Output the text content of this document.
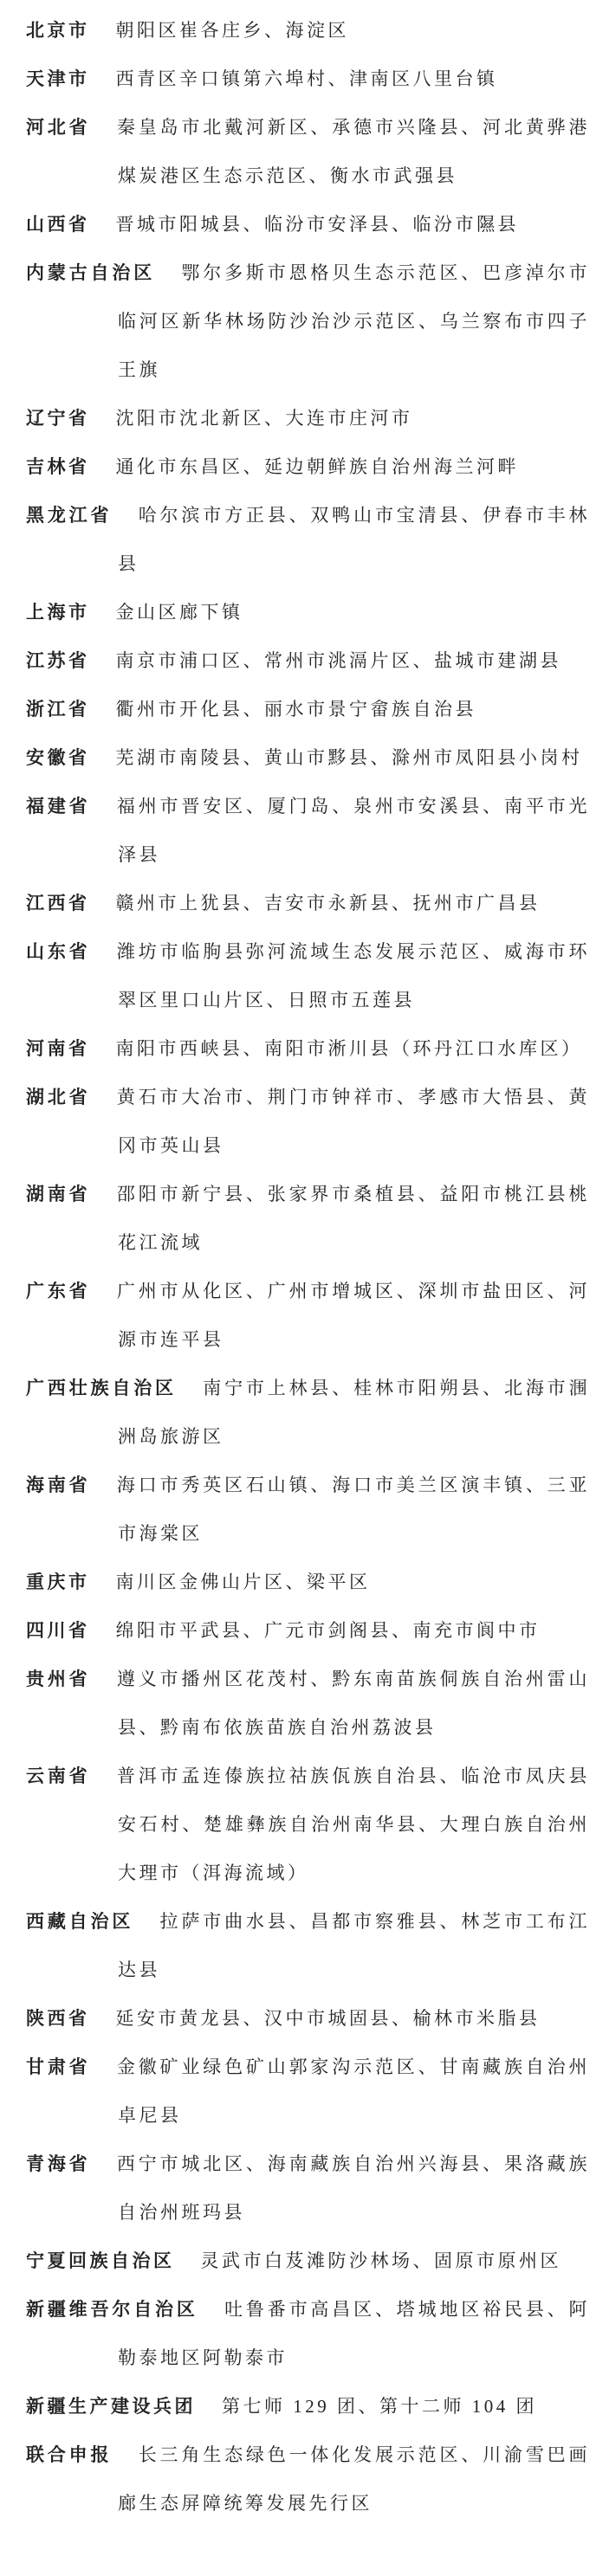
北京市 朝阳区崔各庄乡、海淀区

天津市 西青区辛口镇第六埠村、津南区八里台镇

河北省 秦皇岛市北戴河新区、承德市兴隆县、河北黄骅港煤炭港区生态示范区、衡水市武强县

山西省 晋城市阳城县、临汾市安泽县、临汾市隰县

内蒙古自治区 鄂尔多斯市恩格贝生态示范区、巴彦淖尔市临河区新华林场防沙治沙示范区、乌兰察布市四子王旗

辽宁省 沈阳市沈北新区、大连市庄河市

吉林省 通化市东昌区、延边朝鲜族自治州海兰河畔

黑龙江省 哈尔滨市方正县、双鸭山市宝清县、伊春市丰林县

上海市 金山区廊下镇

江苏省 南京市浦口区、常州市洮滆片区、盐城市建湖县

浙江省 衢州市开化县、丽水市景宁畲族自治县

安徽省 芜湖市南陵县、黄山市黟县、滁州市凤阳县小岗村

福建省 福州市晋安区、厦门岛、泉州市安溪县、南平市光泽县

江西省 赣州市上犹县、吉安市永新县、抚州市广昌县

山东省 潍坊市临朐县弥河流域生态发展示范区、威海市环翠区里口山片区、日照市五莲县

河南省 南阳市西峡县、南阳市淅川县（环丹江口水库区）

湖北省 黄石市大冶市、荆门市钟祥市、孝感市大悟县、黄冈市英山县

湖南省 邵阳市新宁县、张家界市桑植县、益阳市桃江县桃花江流域

广东省 广州市从化区、广州市增城区、深圳市盐田区、河源市连平县

广西壮族自治区 南宁市上林县、桂林市阳朔县、北海市涠洲岛旅游区

海南省 海口市秀英区石山镇、海口市美兰区演丰镇、三亚市海棠区

重庆市 南川区金佛山片区、梁平区

四川省 绵阳市平武县、广元市剑阁县、南充市阆中市

贵州省 遵义市播州区花茂村、黔东南苗族侗族自治州雷山县、黔南布依族苗族自治州荔波县

云南省 普洱市孟连傣族拉祜族佤族自治县、临沧市凤庆县安石村、楚雄彝族自治州南华县、大理白族自治州大理市（洱海流域）

西藏自治区 拉萨市曲水县、昌都市察雅县、林芝市工布江达县

陕西省 延安市黄龙县、汉中市城固县、榆林市米脂县

甘肃省 金徽矿业绿色矿山郭家沟示范区、甘南藏族自治州卓尼县

青海省 西宁市城北区、海南藏族自治州兴海县、果洛藏族自治州班玛县

宁夏回族自治区 灵武市白芨滩防沙林场、固原市原州区

新疆维吾尔自治区 吐鲁番市高昌区、塔城地区裕民县、阿勒泰地区阿勒泰市

新疆生产建设兵团 第七师 129 团、第十二师 104 团

联合申报 长三角生态绿色一体化发展示范区、川渝雪巴画廊生态屏障统筹发展先行区
